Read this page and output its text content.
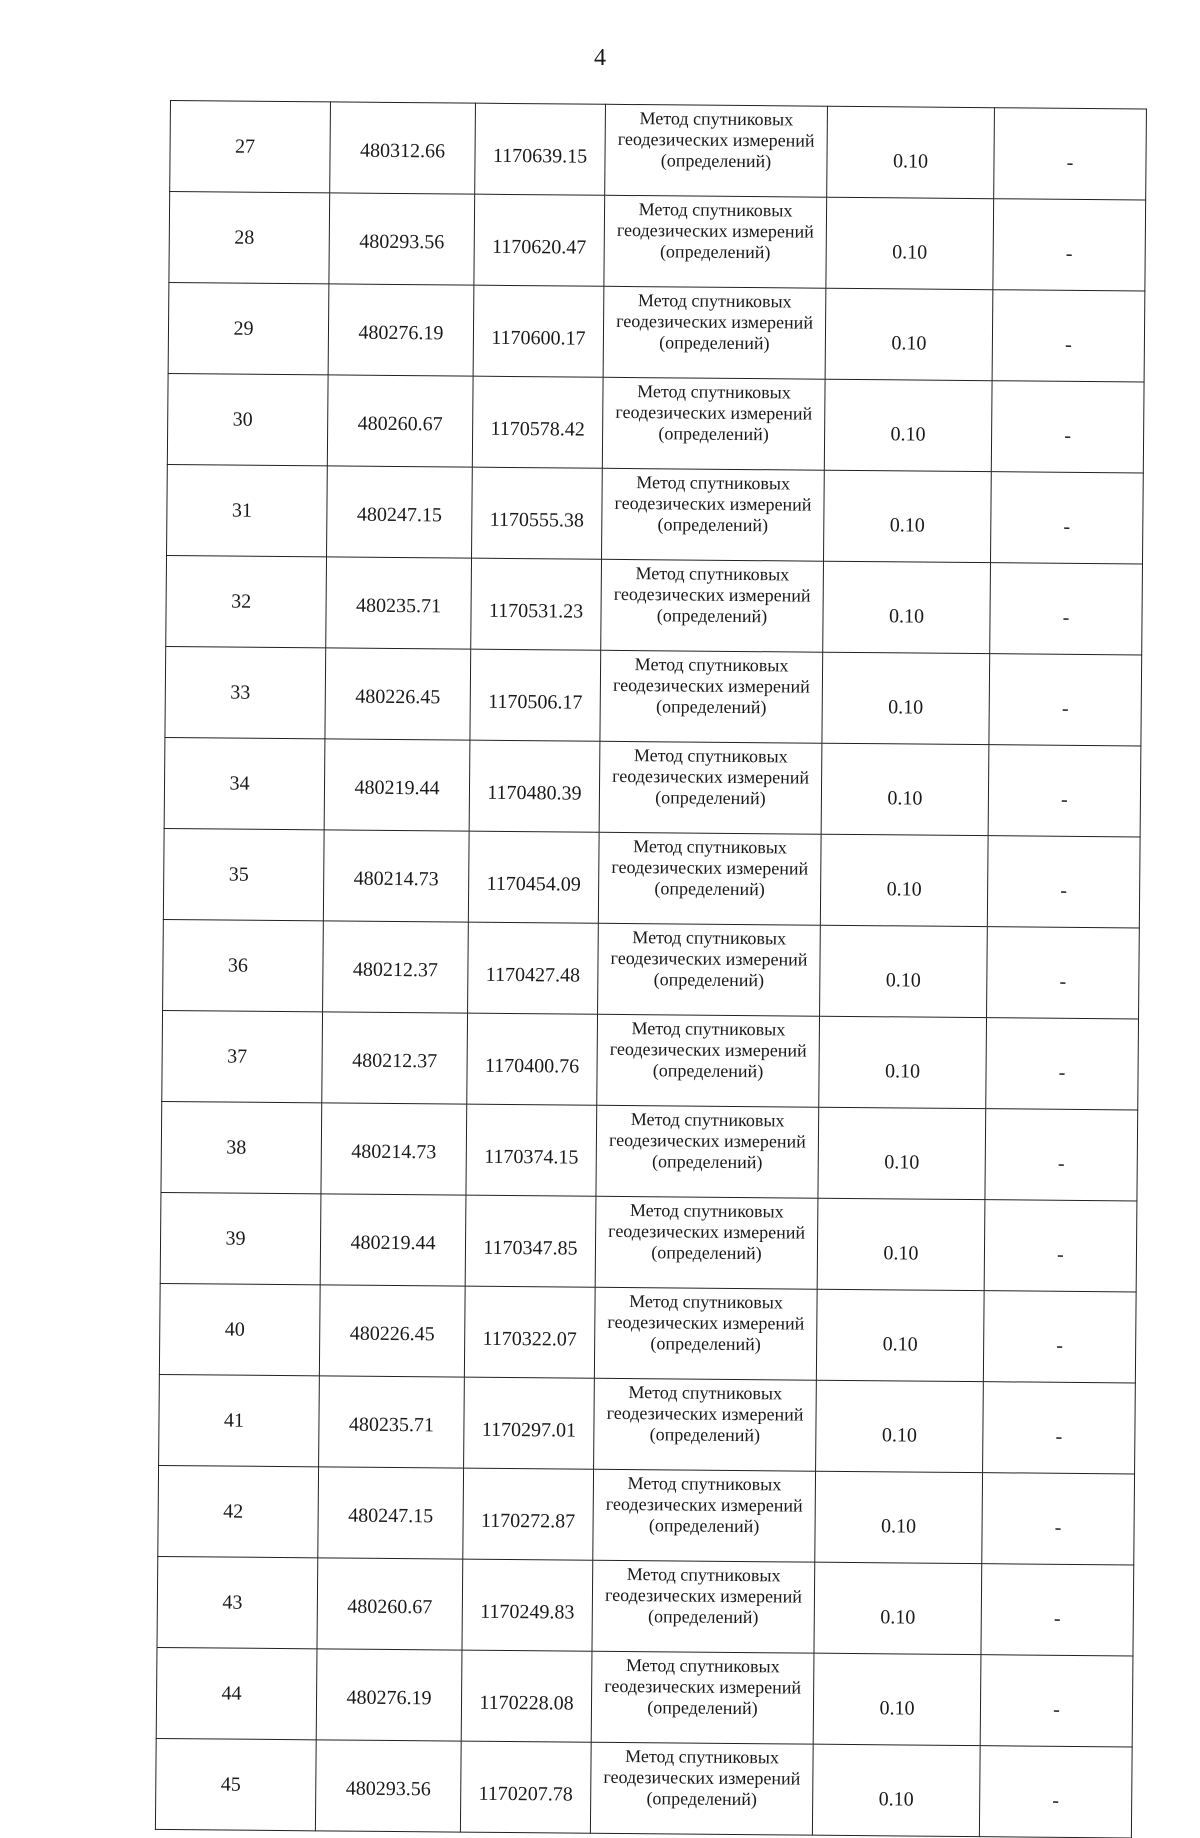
4
27	480312.66	1170639.15	Метод спутниковых
геодезических измерений
(определений)	0.10	-
28	480293.56	1170620.47	Метод спутниковых
геодезических измерений
(определений)	0.10	-
29	480276.19	1170600.17	Метод спутниковых
геодезических измерений
(определений)	0.10	-
30	480260.67	1170578.42	Метод спутниковых
геодезических измерений
(определений)	0.10	-
31	480247.15	1170555.38	Метод спутниковых
геодезических измерений
(определений)	0.10	-
32	480235.71	1170531.23	Метод спутниковых
геодезических измерений
(определений)	0.10	-
33	480226.45	1170506.17	Метод спутниковых
геодезических измерений
(определений)	0.10	-
34	480219.44	1170480.39	Метод спутниковых
геодезических измерений
(определений)	0.10	-
35	480214.73	1170454.09	Метод спутниковых
геодезических измерений
(определений)	0.10	-
36	480212.37	1170427.48	Метод спутниковых
геодезических измерений
(определений)	0.10	-
37	480212.37	1170400.76	Метод спутниковых
геодезических измерений
(определений)	0.10	-
38	480214.73	1170374.15	Метод спутниковых
геодезических измерений
(определений)	0.10	-
39	480219.44	1170347.85	Метод спутниковых
геодезических измерений
(определений)	0.10	-
40	480226.45	1170322.07	Метод спутниковых
геодезических измерений
(определений)	0.10	-
41	480235.71	1170297.01	Метод спутниковых
геодезических измерений
(определений)	0.10	-
42	480247.15	1170272.87	Метод спутниковых
геодезических измерений
(определений)	0.10	-
43	480260.67	1170249.83	Метод спутниковых
геодезических измерений
(определений)	0.10	-
44	480276.19	1170228.08	Метод спутниковых
геодезических измерений
(определений)	0.10	-
45	480293.56	1170207.78	Метод спутниковых
геодезических измерений
(определений)	0.10	-
